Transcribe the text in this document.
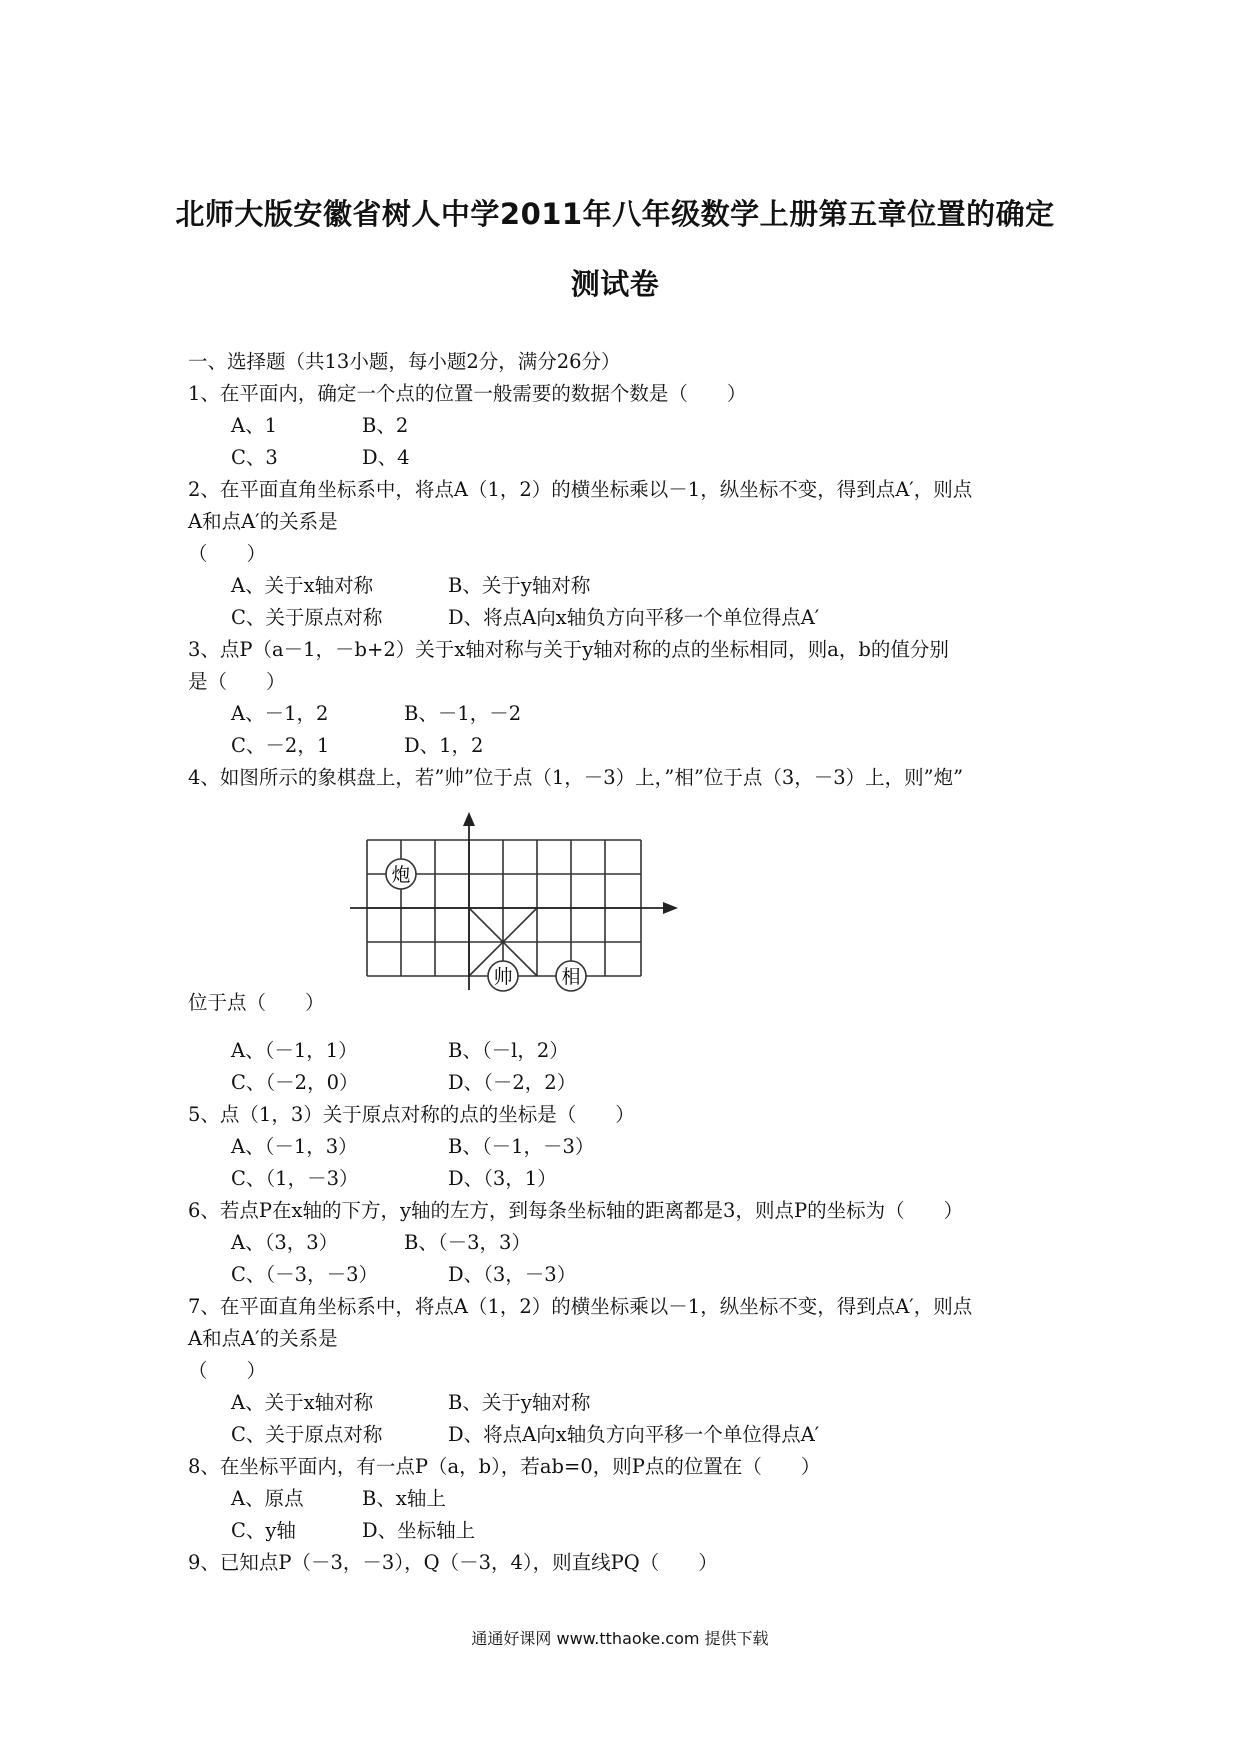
北师大版安徽省树人中学2011年八年级数学上册第五章位置的确定
测试卷
一、选择题（共13小题，每小题2分，满分26分）
1、在平面内，确定一个点的位置一般需要的数据个数是（　　）
A、1	B、2
C、3	D、4
2、在平面直角坐标系中，将点A（1，2）的横坐标乘以－1，纵坐标不变，得到点A′，则点
A和点A′的关系是
（　　）
A、关于x轴对称	B、关于y轴对称
C、关于原点对称	D、将点A向x轴负方向平移一个单位得点A′
3、点P（a－1，－b+2）关于x轴对称与关于y轴对称的点的坐标相同，则a，b的值分别
是（　　）
A、－1，2	B、－1，－2
C、－2，1	D、1，2
4、如图所示的象棋盘上，若”帅”位于点（1，－3）上，”相”位于点（3，－3）上，则”炮”
炮
帅	相
位于点（　　）
A、（－1，1）	B、（－l，2）
C、（－2，0）	D、（－2，2）
5、点（1，3）关于原点对称的点的坐标是（　　）
A、（－1，3）	B、（－1，－3）
C、（1，－3）	D、（3，1）
6、若点P在x轴的下方，y轴的左方，到每条坐标轴的距离都是3，则点P的坐标为（　　）
A、（3，3）	B、（－3，3）
C、（－3，－3）	D、（3，－3）
7、在平面直角坐标系中，将点A（1，2）的横坐标乘以－1，纵坐标不变，得到点A′，则点
A和点A′的关系是
（　　）
A、关于x轴对称	B、关于y轴对称
C、关于原点对称	D、将点A向x轴负方向平移一个单位得点A′
8、在坐标平面内，有一点P（a，b），若ab=0，则P点的位置在（　　）
A、原点	B、x轴上
C、y轴	D、坐标轴上
9、已知点P（－3，－3），Q（－3，4），则直线PQ（　　）
通通好课网 www.tthaoke.com 提供下载
